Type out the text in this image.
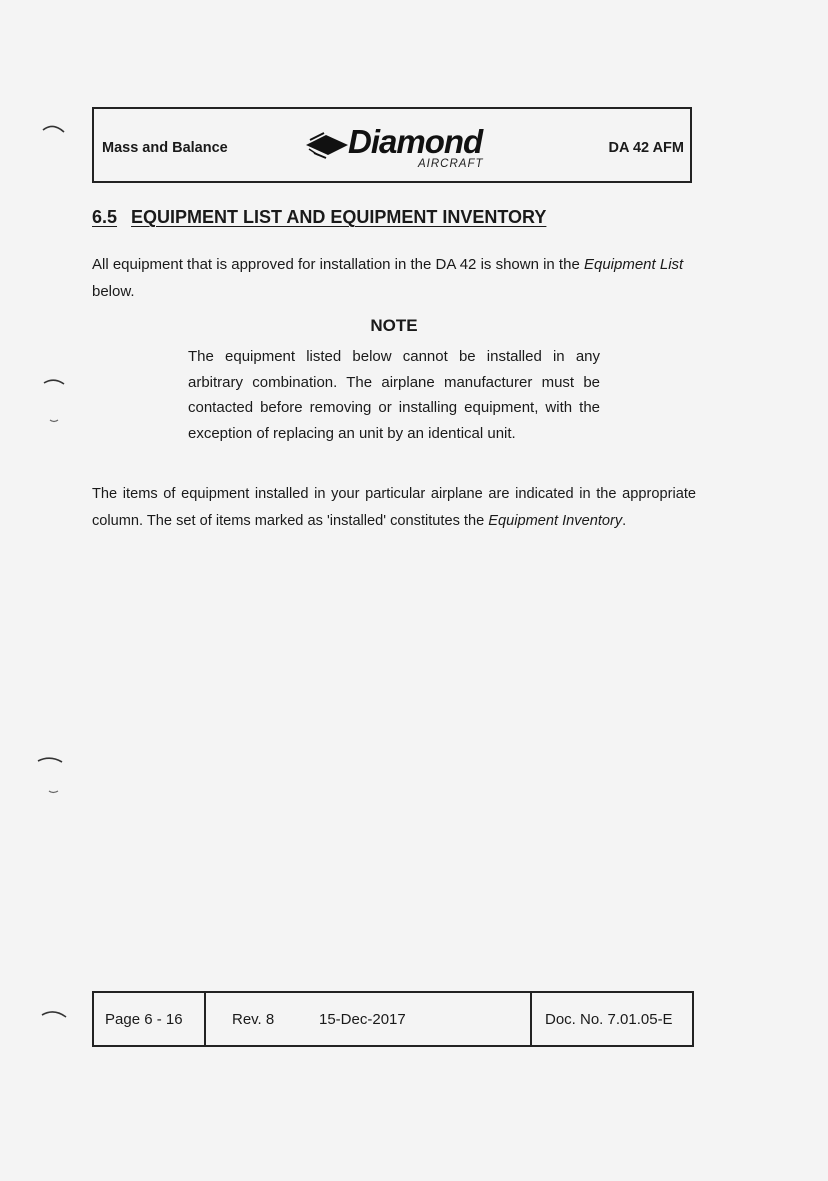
Mass and Balance	Diamond
AIRCRAFT
DA 42 AFM
6.5 EQUIPMENT LIST AND EQUIPMENT INVENTORY
All equipment that is approved for installation in the DA 42 is shown in the Equipment List below.
NOTE
The equipment listed below cannot be installed in any arbitrary combination. The airplane manufacturer must be contacted before removing or installing equipment, with the exception of replacing an unit by an identical unit.
The items of equipment installed in your particular airplane are indicated in the appropriate column. The set of items marked as 'installed' constitutes the Equipment Inventory.
Page 6 - 16	Rev. 8	15-Dec-2017	Doc. No. 7.01.05-E
